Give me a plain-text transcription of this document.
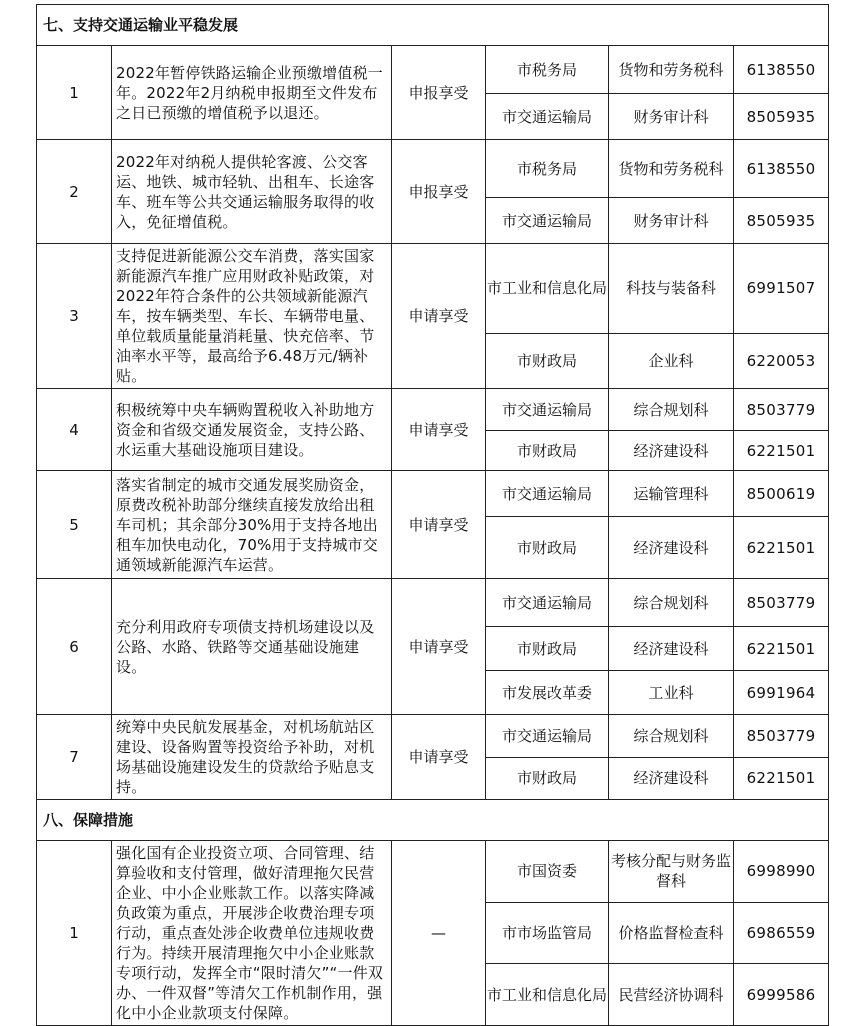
七、支持交通运输业平稳发展					
1	2022年暂停铁路运输企业预缴增值税一年。2022年2月纳税申报期至文件发布之日已预缴的增值税予以退还。	申报享受	市税务局	货物和劳务税科	6138550
			市交通运输局	财务审计科	8505935
2	2022年对纳税人提供轮客渡、公交客运、地铁、城市轻轨、出租车、长途客车、班车等公共交通运输服务取得的收入，免征增值税。	申报享受	市税务局	货物和劳务税科	6138550
			市交通运输局	财务审计科	8505935
3	支持促进新能源公交车消费，落实国家新能源汽车推广应用财政补贴政策，对2022年符合条件的公共领域新能源汽车，按车辆类型、车长、车辆带电量、单位载质量能量消耗量、快充倍率、节油率水平等，最高给予6.48万元/辆补贴。	申请享受	市工业和信息化局	科技与装备科	6991507
			市财政局	企业科	6220053
4	积极统筹中央车辆购置税收入补助地方资金和省级交通发展资金，支持公路、水运重大基础设施项目建设。	申请享受	市交通运输局	综合规划科	8503779
			市财政局	经济建设科	6221501
5	落实省制定的城市交通发展奖励资金，原费改税补助部分继续直接发放给出租车司机；其余部分30%用于支持各地出租车加快电动化，70%用于支持城市交通领域新能源汽车运营。	申请享受	市交通运输局	运输管理科	8500619
			市财政局	经济建设科	6221501
6	充分利用政府专项债支持机场建设以及公路、水路、铁路等交通基础设施建设。	申请享受	市交通运输局	综合规划科	8503779
			市财政局	经济建设科	6221501
			市发展改革委	工业科	6991964
7	统筹中央民航发展基金，对机场航站区建设、设备购置等投资给予补助，对机场基础设施建设发生的贷款给予贴息支持。	申请享受	市交通运输局	综合规划科	8503779
			市财政局	经济建设科	6221501
八、保障措施					
1	强化国有企业投资立项、合同管理、结算验收和支付管理，做好清理拖欠民营企业、中小企业账款工作。以落实降减负政策为重点，开展涉企收费治理专项行动，重点查处涉企收费单位违规收费行为。持续开展清理拖欠中小企业账款专项行动，发挥全市“限时清欠”“一件双办、一件双督”等清欠工作机制作用，强化中小企业款项支付保障。	—	市国资委	考核分配与财务监督科	6998990
			市市场监管局	价格监督检查科	6986559
			市工业和信息化局	民营经济协调科	6999586
